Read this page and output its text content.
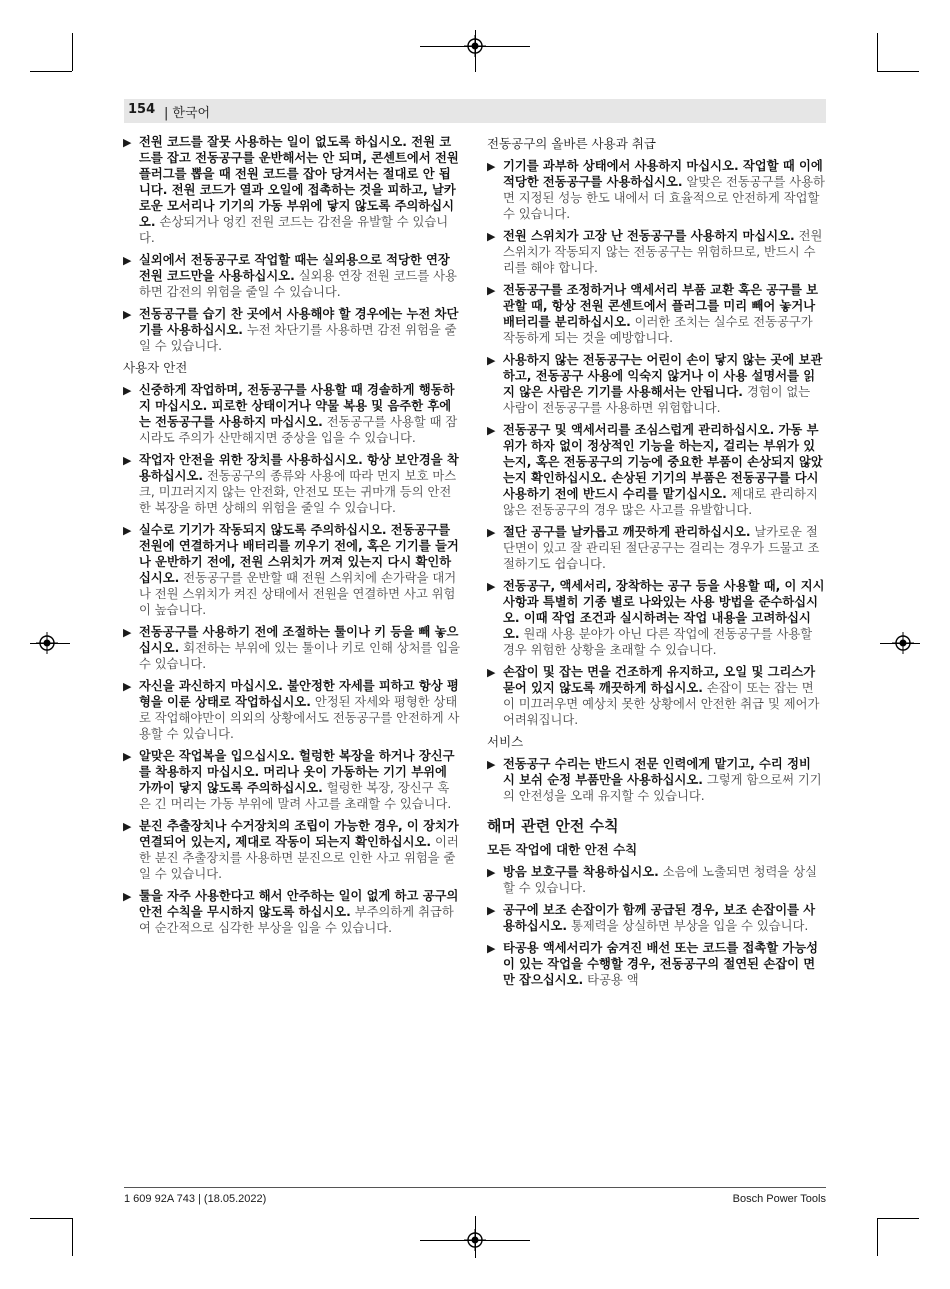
154
|	한국어
▶ 전원 코드를 잘못 사용하는 일이 없도록 하십시오. 전원 코드를 잡고 전동공구를 운반해서는 안 되며, 콘센트에서 전원 플러그를 뽑을 때 전원 코드를 잡아 당겨서는 절대로 안 됩니다. 전원 코드가 열과 오일에 접촉하는 것을 피하고, 날카로운 모서리나 기기의 가동 부위에 닿지 않도록 주의하십시오. 손상되거나 엉킨 전원 코드는 감전을 유발할 수 있습니다.
▶ 실외에서 전동공구로 작업할 때는 실외용으로 적당한 연장 전원 코드만을 사용하십시오. 실외용 연장 전원 코드를 사용하면 감전의 위험을 줄일 수 있습니다.
▶ 전동공구를 습기 찬 곳에서 사용해야 할 경우에는 누전 차단기를 사용하십시오. 누전 차단기를 사용하면 감전 위험을 줄일 수 있습니다.
사용자 안전
▶ 신중하게 작업하며, 전동공구를 사용할 때 경솔하게 행동하지 마십시오. 피로한 상태이거나 약물 복용 및 음주한 후에는 전동공구를 사용하지 마십시오. 전동공구를 사용할 때 잠시라도 주의가 산만해지면 중상을 입을 수 있습니다.
▶ 작업자 안전을 위한 장치를 사용하십시오. 항상 보안경을 착용하십시오. 전동공구의 종류와 사용에 따라 먼지 보호 마스크, 미끄러지지 않는 안전화, 안전모 또는 귀마개 등의 안전한 복장을 하면 상해의 위험을 줄일 수 있습니다.
▶ 실수로 기기가 작동되지 않도록 주의하십시오. 전동공구를 전원에 연결하거나 배터리를 끼우기 전에, 혹은 기기를 들거나 운반하기 전에, 전원 스위치가 꺼져 있는지 다시 확인하십시오. 전동공구를 운반할 때 전원 스위치에 손가락을 대거나 전원 스위치가 켜진 상태에서 전원을 연결하면 사고 위험이 높습니다.
▶ 전동공구를 사용하기 전에 조절하는 툴이나 키 등을 빼 놓으십시오. 회전하는 부위에 있는 툴이나 키로 인해 상처를 입을 수 있습니다.
▶ 자신을 과신하지 마십시오. 불안정한 자세를 피하고 항상 평형을 이룬 상태로 작업하십시오. 안정된 자세와 평형한 상태로 작업해야만이 의외의 상황에서도 전동공구를 안전하게 사용할 수 있습니다.
▶ 알맞은 작업복을 입으십시오. 헐렁한 복장을 하거나 장신구를 착용하지 마십시오. 머리나 옷이 가동하는 기기 부위에 가까이 닿지 않도록 주의하십시오. 헐렁한 복장, 장신구 혹은 긴 머리는 가동 부위에 말려 사고를 초래할 수 있습니다.
▶ 분진 추출장치나 수거장치의 조립이 가능한 경우, 이 장치가 연결되어 있는지, 제대로 작동이 되는지 확인하십시오. 이러한 분진 추출장치를 사용하면 분진으로 인한 사고 위험을 줄일 수 있습니다.
▶ 툴을 자주 사용한다고 해서 안주하는 일이 없게 하고 공구의 안전 수칙을 무시하지 않도록 하십시오. 부주의하게 취급하여 순간적으로 심각한 부상을 입을 수 있습니다.
전동공구의 올바른 사용과 취급
▶ 기기를 과부하 상태에서 사용하지 마십시오. 작업할 때 이에 적당한 전동공구를 사용하십시오. 알맞은 전동공구를 사용하면 지정된 성능 한도 내에서 더 효율적으로 안전하게 작업할 수 있습니다.
▶ 전원 스위치가 고장 난 전동공구를 사용하지 마십시오. 전원 스위치가 작동되지 않는 전동공구는 위험하므로, 반드시 수리를 해야 합니다.
▶ 전동공구를 조정하거나 액세서리 부품 교환 혹은 공구를 보관할 때, 항상 전원 콘센트에서 플러그를 미리 빼어 놓거나 배터리를 분리하십시오. 이러한 조치는 실수로 전동공구가 작동하게 되는 것을 예방합니다.
▶ 사용하지 않는 전동공구는 어린이 손이 닿지 않는 곳에 보관하고, 전동공구 사용에 익숙지 않거나 이 사용 설명서를 읽지 않은 사람은 기기를 사용해서는 안됩니다. 경험이 없는 사람이 전동공구를 사용하면 위험합니다.
▶ 전동공구 및 액세서리를 조심스럽게 관리하십시오. 가동 부위가 하자 없이 정상적인 기능을 하는지, 걸리는 부위가 있는지, 혹은 전동공구의 기능에 중요한 부품이 손상되지 않았는지 확인하십시오. 손상된 기기의 부품은 전동공구를 다시 사용하기 전에 반드시 수리를 맡기십시오. 제대로 관리하지 않은 전동공구의 경우 많은 사고를 유발합니다.
▶ 절단 공구를 날카롭고 깨끗하게 관리하십시오. 날카로운 절단면이 있고 잘 관리된 절단공구는 걸리는 경우가 드물고 조절하기도 쉽습니다.
▶ 전동공구, 액세서리, 장착하는 공구 등을 사용할 때, 이 지시 사항과 특별히 기종 별로 나와있는 사용 방법을 준수하십시오. 이때 작업 조건과 실시하려는 작업 내용을 고려하십시오. 원래 사용 분야가 아닌 다른 작업에 전동공구를 사용할 경우 위험한 상황을 초래할 수 있습니다.
▶ 손잡이 및 잡는 면을 건조하게 유지하고, 오일 및 그리스가 묻어 있지 않도록 깨끗하게 하십시오. 손잡이 또는 잡는 면이 미끄러우면 예상치 못한 상황에서 안전한 취급 및 제어가 어려워집니다.
서비스
▶ 전동공구 수리는 반드시 전문 인력에게 맡기고, 수리 정비 시 보쉬 순정 부품만을 사용하십시오. 그렇게 함으로써 기기의 안전성을 오래 유지할 수 있습니다.
해머 관련 안전 수칙
모든 작업에 대한 안전 수칙
▶ 방음 보호구를 착용하십시오. 소음에 노출되면 청력을 상실할 수 있습니다.
▶ 공구에 보조 손잡이가 함께 공급된 경우, 보조 손잡이를 사용하십시오. 통제력을 상실하면 부상을 입을 수 있습니다.
▶ 타공용 액세서리가 숨겨진 배선 또는 코드를 접촉할 가능성이 있는 작업을 수행할 경우, 전동공구의 절연된 손잡이 면만 잡으십시오. 타공용 액
1 609 92A 743 | (18.05.2022)	Bosch Power Tools
